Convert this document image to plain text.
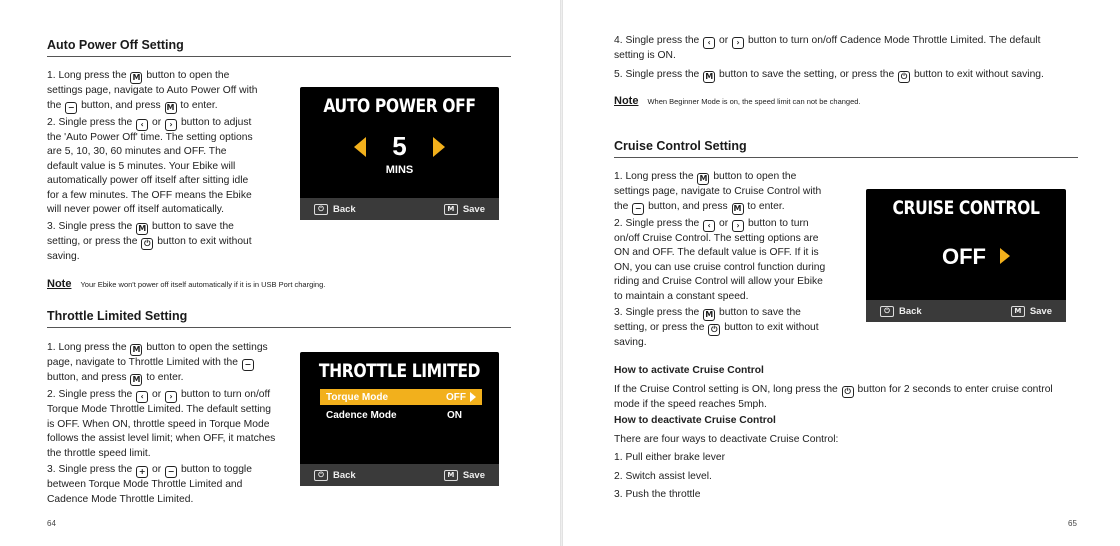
Auto Power Off Setting
1. Long press the M button to open the
settings page, navigate to Auto Power Off with
the − button, and press M to enter.
2. Single press the ‹ or › button to adjust
the 'Auto Power Off' time. The setting options
are 5, 10, 30, 60 minutes and OFF. The
default value is 5 minutes. Your Ebike will
automatically power off itself after sitting idle
for a few minutes. The OFF means the Ebike
will never power off itself automatically.
3. Single press the M button to save the
setting, or press the ⏻ button to exit without
saving.
AUTO POWER OFF
5
MINS
⏻ Back	M Save
Note Your Ebike won't power off itself automatically if it is in USB Port charging.
Throttle Limited Setting
1. Long press the M button to open the settings
page, navigate to Throttle Limited with the −
button, and press M to enter.
2. Single press the ‹ or › button to turn on/off
Torque Mode Throttle Limited. The default setting
is OFF. When ON, throttle speed in Torque Mode
follows the assist level limit; when OFF, it matches
the throttle speed limit.
3. Single press the + or − button to toggle
between Torque Mode Throttle Limited and
Cadence Mode Throttle Limited.
THROTTLE LIMITED
Torque Mode	OFF
Cadence Mode	ON
⏻ Back	M Save
64
4. Single press the ‹ or › button to turn on/off Cadence Mode Throttle Limited. The default
setting is ON.
5. Single press the M button to save the setting, or press the ⏻ button to exit without saving.
Note When Beginner Mode is on, the speed limit can not be changed.
Cruise Control Setting
1. Long press the M button to open the
settings page, navigate to Cruise Control with
the − button, and press M to enter.
2. Single press the ‹ or › button to turn
on/off Cruise Control. The setting options are
ON and OFF. The default value is OFF. If it is
ON, you can use cruise control function during
riding and Cruise Control will allow your Ebike
to maintain a constant speed.
3. Single press the M button to save the
setting, or press the ⏻ button to exit without
saving.
CRUISE CONTROL
OFF
⏻ Back	M Save
How to activate Cruise Control
If the Cruise Control setting is ON, long press the ⏻ button for 2 seconds to enter cruise control
mode if the speed reaches 5mph.
How to deactivate Cruise Control
There are four ways to deactivate Cruise Control:
1. Pull either brake lever
2. Switch assist level.
3. Push the throttle
65
